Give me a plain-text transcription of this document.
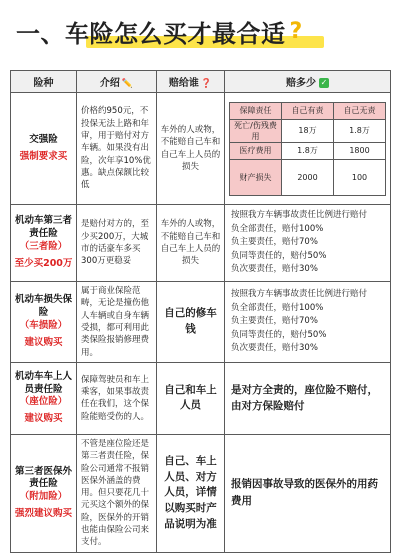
一、车险怎么买才最合适 ?
险种	介绍 ✏️	赔给谁 ❓	赔多少 ✓

交强险
强制要求买
	价格约950元，不投保无法上路和年审，用于赔付对方车辆。如果没有出险，次年享10%优惠。缺点保额比较低	车外的人或物，不能赔自己车和自己车上人员的损失	
保障责任	自己有责	自己无责
死亡/伤残费用	18万	1.8万
医疗费用	1.8万	1800
财产损失	2000	100

机动车第三者责任险
（三者险）
至少买200万
	是赔付对方的，至少买200万，大城市的话豪车多买300万更稳妥	车外的人或物，不能赔自己车和自己车上人员的损失	
按照我方车辆事故责任比例进行赔付
负全部责任，赔付100%
负主要责任，赔付70%
负同等责任的，赔付50%
负次要责任，赔付30%

机动车损失保险
（车损险）
建议购买
	属于商业保险范畴，无论是撞伤他人车辆或自身车辆受损，都可利用此类保险报销修理费用。	自己的修车钱	
按照我方车辆事故责任比例进行赔付
负全部责任，赔付100%
负主要责任，赔付70%
负同等责任的，赔付50%
负次要责任，赔付30%

机动车车上人员责任险
（座位险）
建议购买
	保障驾驶员和车上乘客，如果事故责任在我们，这个保险能赔受伤的人。	自己和车上人员	是对方全责的，座位险不赔付，由对方保险赔付

第三者医保外责任险
（附加险）
强烈建议购买
	不管是座位险还是第三者责任险，保险公司通常不报销医保外涵盖的费用。但只要花几十元买这个额外的保险，医保外的开销也能由保险公司来支付。	自己、车上人员、对方人员，详情以购买时产品说明为准	报销因事故导致的医保外的用药费用
